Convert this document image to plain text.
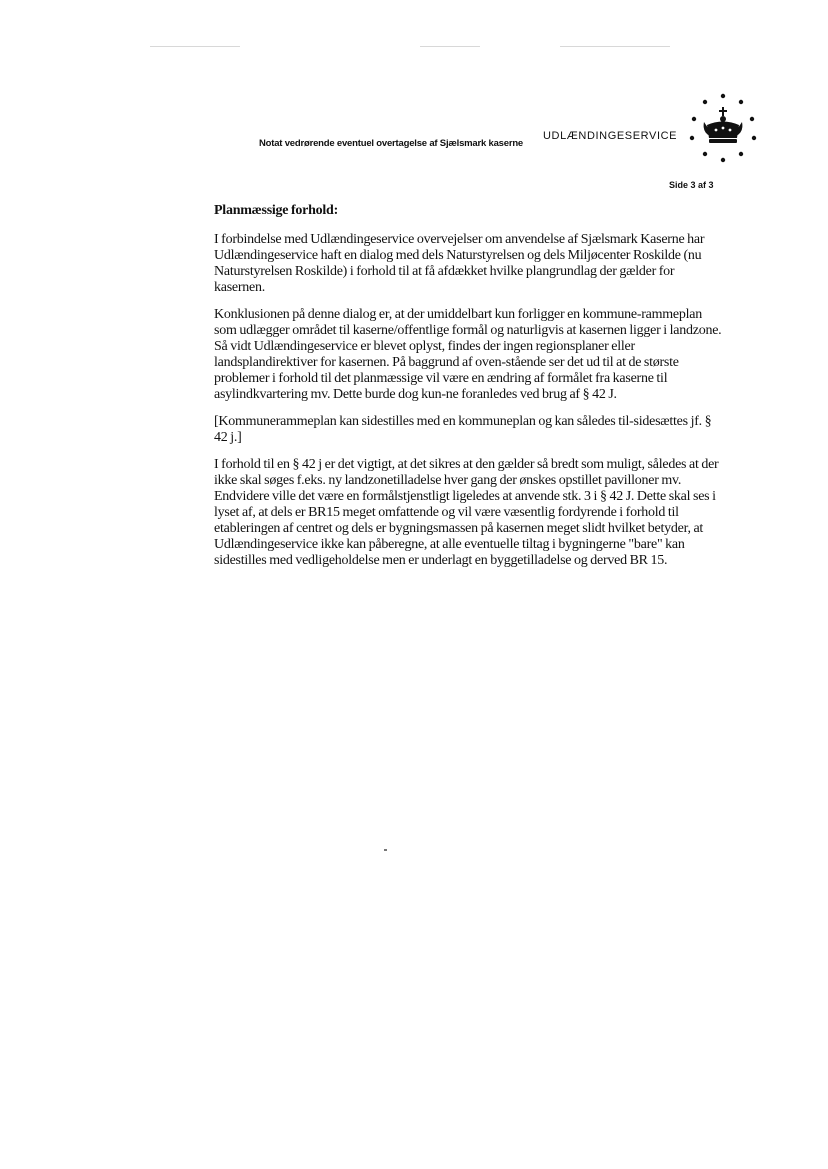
Notat vedrørende eventuel overtagelse af Sjælsmark kaserne
UDLÆNDINGESERVICE
Side 3 af 3
Planmæssige forhold:

I forbindelse med Udlændingeservice overvejelser om anvendelse af Sjælsmark Kaserne har Udlændingeservice haft en dialog med dels Naturstyrelsen og dels Miljøcenter Roskilde (nu Naturstyrelsen Roskilde) i forhold til at få afdækket hvilke plangrundlag der gælder for kasernen.

Konklusionen på denne dialog er, at der umiddelbart kun forligger en kommune-rammeplan som udlægger området til kaserne/offentlige formål og naturligvis at kasernen ligger i landzone. Så vidt Udlændingeservice er blevet oplyst, findes der ingen regionsplaner eller landsplandirektiver for kasernen. På baggrund af oven-stående ser det ud til at de største problemer i forhold til det planmæssige vil være en ændring af formålet fra kaserne til asylindkvartering mv. Dette burde dog kun-ne foranledes ved brug af § 42 J.

[Kommunerammeplan kan sidestilles med en kommuneplan og kan således til-sidesættes jf. § 42 j.]

I forhold til en § 42 j er det vigtigt, at det sikres at den gælder så bredt som muligt, således at der ikke skal søges f.eks. ny landzonetilladelse hver gang der ønskes opstillet pavilloner mv. Endvidere ville det være en formålstjenstligt ligeledes at anvende stk. 3 i § 42 J. Dette skal ses i lyset af, at dels er BR15 meget omfattende og vil være væsentlig fordyrende i forhold til etableringen af centret og dels er bygningsmassen på kasernen meget slidt hvilket betyder, at Udlændingeservice ikke kan påberegne, at alle eventuelle tiltag i bygningerne "bare" kan sidestilles med vedligeholdelse men er underlagt en byggetilladelse og derved BR 15.
